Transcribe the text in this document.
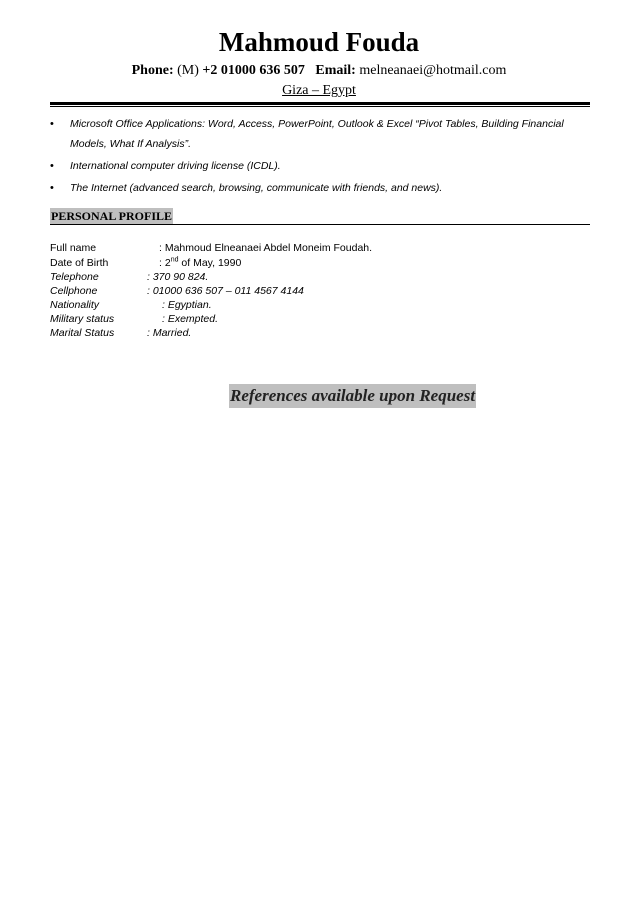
Mahmoud Fouda
Phone: (M) +2 01000 636 507 Email: melneanaei@hotmail.com
Giza – Egypt
• Microsoft Office Applications: Word, Access, PowerPoint, Outlook & Excel “Pivot Tables, Building Financial
Models, What If Analysis”.
• International computer driving license (ICDL).
• The Internet (advanced search, browsing, communicate with friends, and news).
PERSONAL PROFILE
Full name	: Mahmoud Elneanaei Abdel Moneim Foudah.
Date of Birth	: 2nd of May, 1990
Telephone	: 370 90 824.
Cellphone	: 01000 636 507 – 011 4567 4144
Nationality	: Egyptian.
Military status	: Exempted.
Marital Status	: Married.
References available upon Request
